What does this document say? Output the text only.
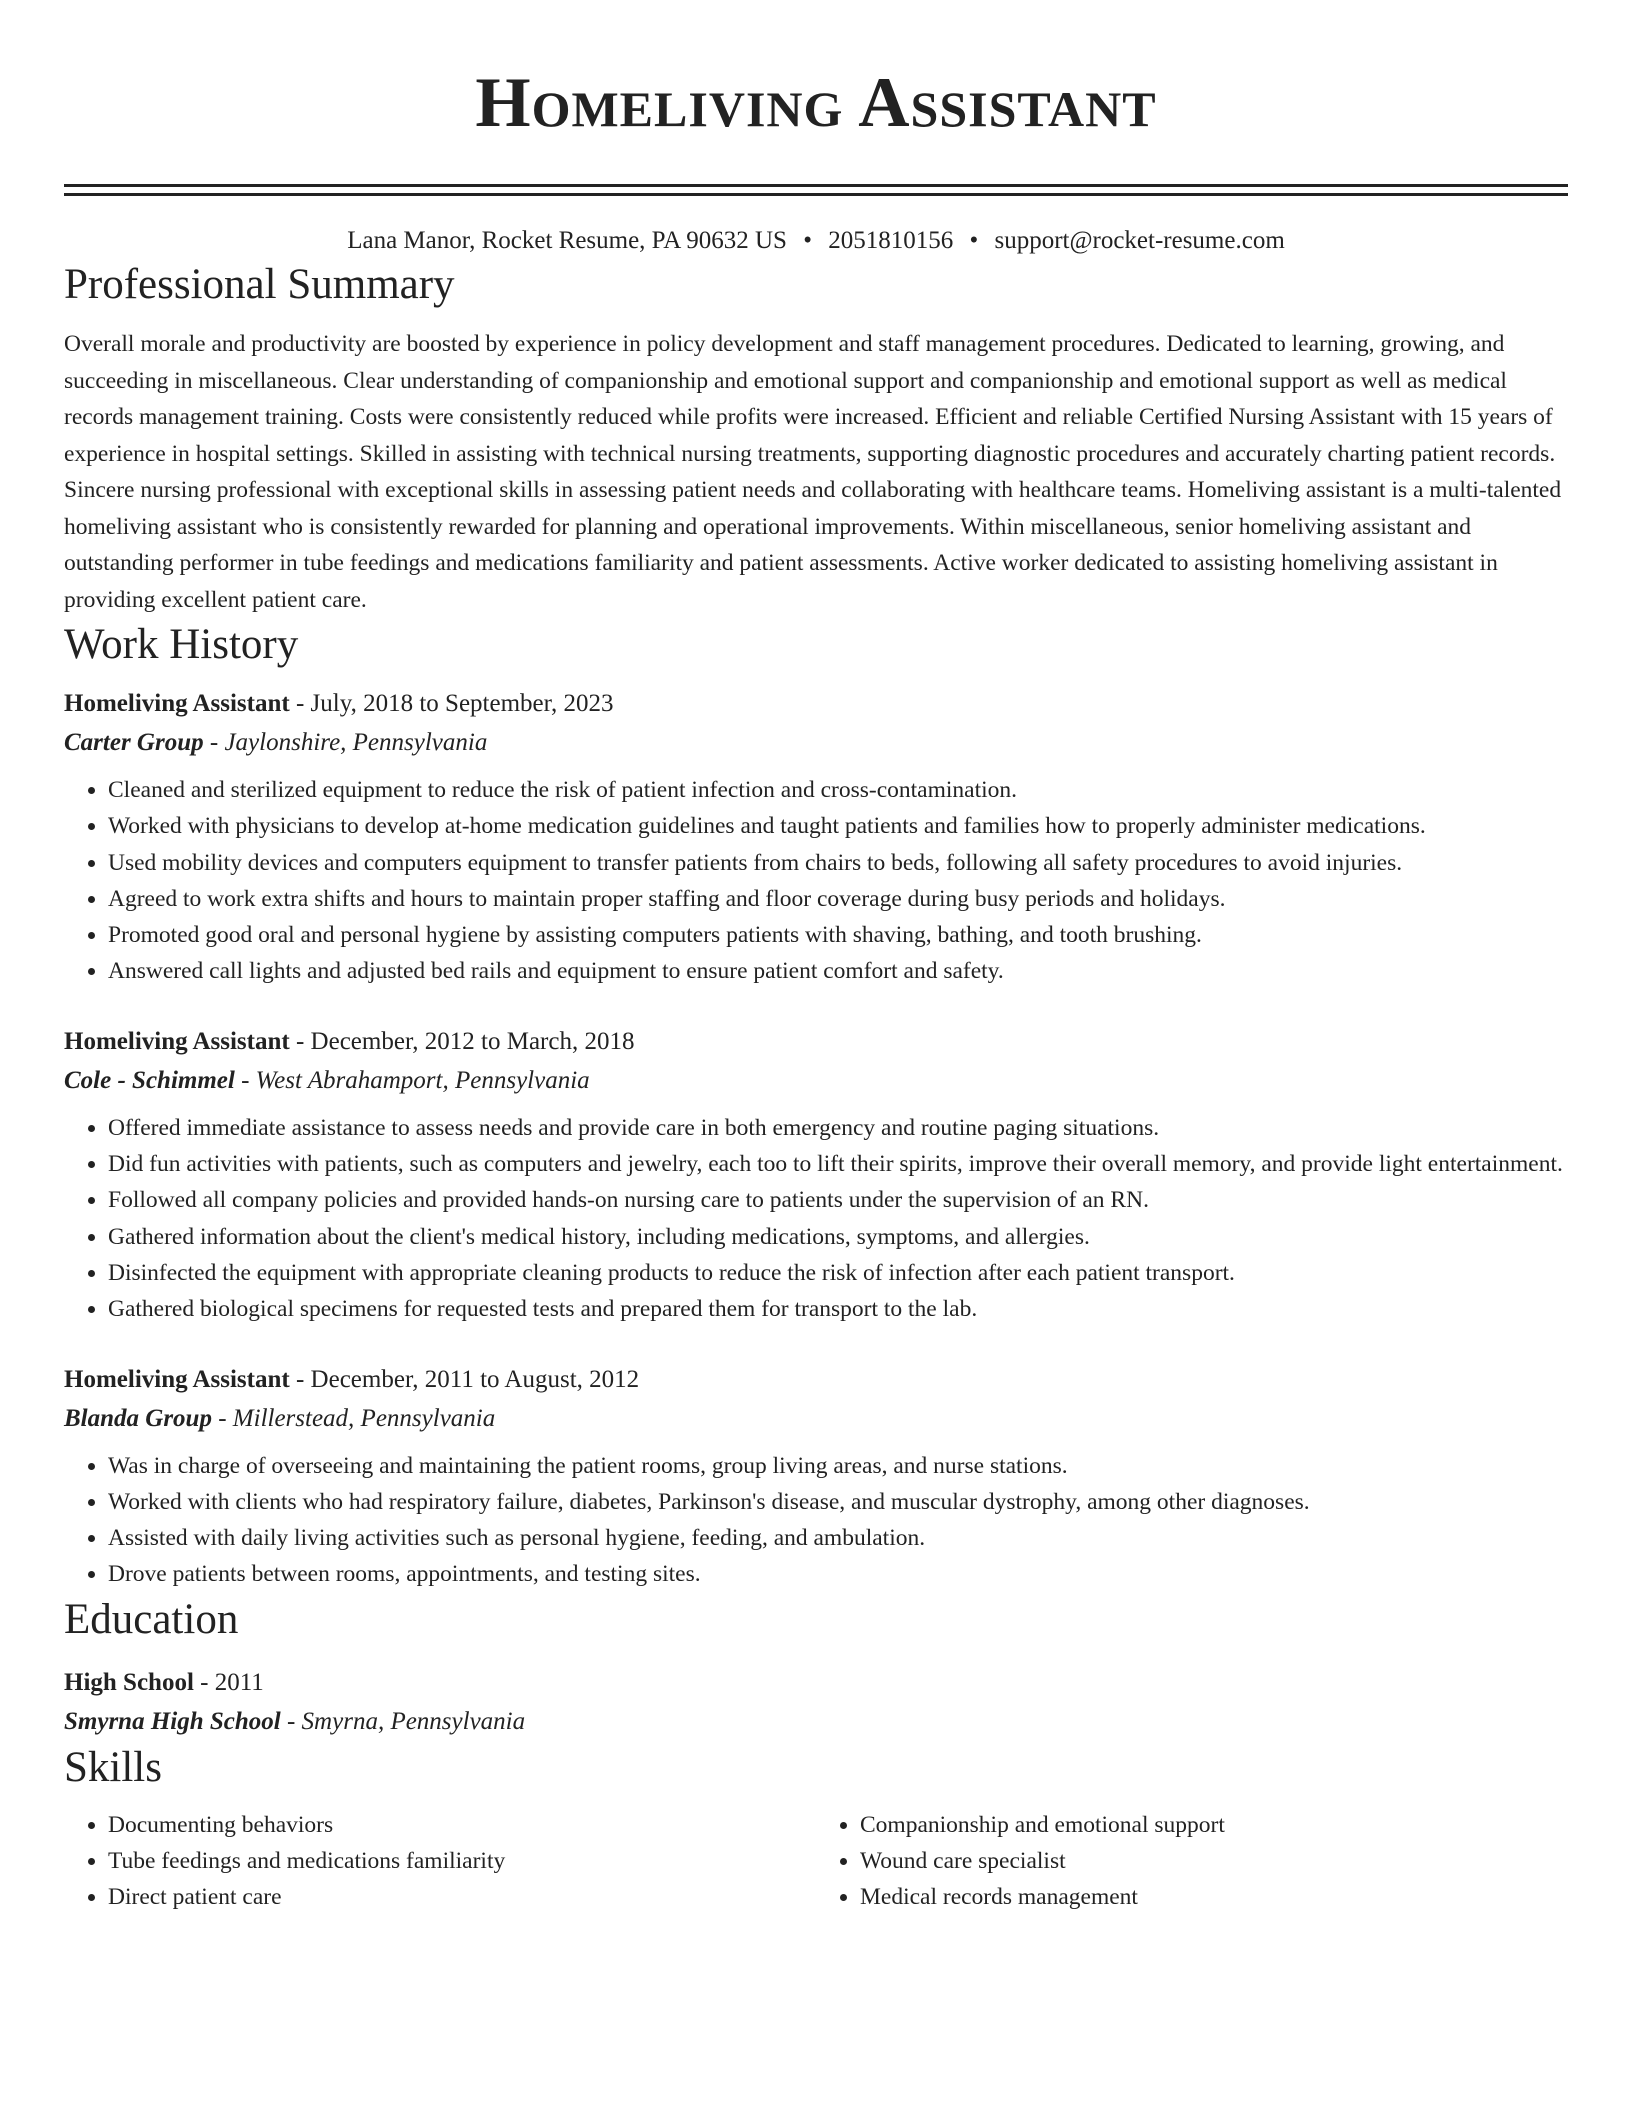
Homeliving Assistant
Lana Manor, Rocket Resume, PA 90632 US • 2051810156 • support@rocket-resume.com
Professional Summary

Overall morale and productivity are boosted by experience in policy development and staff management procedures. Dedicated to learning, growing, and succeeding in miscellaneous. Clear understanding of companionship and emotional support and companionship and emotional support as well as medical records management training. Costs were consistently reduced while profits were increased. Efficient and reliable Certified Nursing Assistant with 15 years of experience in hospital settings. Skilled in assisting with technical nursing treatments, supporting diagnostic procedures and accurately charting patient records. Sincere nursing professional with exceptional skills in assessing patient needs and collaborating with healthcare teams. Homeliving assistant is a multi-talented homeliving assistant who is consistently rewarded for planning and operational improvements. Within miscellaneous, senior homeliving assistant and outstanding performer in tube feedings and medications familiarity and patient assessments. Active worker dedicated to assisting homeliving assistant in providing excellent patient care.

Work History
Homeliving Assistant - July, 2018 to September, 2023
Carter Group - Jaylonshire, Pennsylvania
• Cleaned and sterilized equipment to reduce the risk of patient infection and cross-contamination.
• Worked with physicians to develop at-home medication guidelines and taught patients and families how to properly administer medications.
• Used mobility devices and computers equipment to transfer patients from chairs to beds, following all safety procedures to avoid injuries.
• Agreed to work extra shifts and hours to maintain proper staffing and floor coverage during busy periods and holidays.
• Promoted good oral and personal hygiene by assisting computers patients with shaving, bathing, and tooth brushing.
• Answered call lights and adjusted bed rails and equipment to ensure patient comfort and safety.
Homeliving Assistant - December, 2012 to March, 2018
Cole - Schimmel - West Abrahamport, Pennsylvania
• Offered immediate assistance to assess needs and provide care in both emergency and routine paging situations.
• Did fun activities with patients, such as computers and jewelry, each too to lift their spirits, improve their overall memory, and provide light entertainment.
• Followed all company policies and provided hands-on nursing care to patients under the supervision of an RN.
• Gathered information about the client's medical history, including medications, symptoms, and allergies.
• Disinfected the equipment with appropriate cleaning products to reduce the risk of infection after each patient transport.
• Gathered biological specimens for requested tests and prepared them for transport to the lab.
Homeliving Assistant - December, 2011 to August, 2012
Blanda Group - Millerstead, Pennsylvania
• Was in charge of overseeing and maintaining the patient rooms, group living areas, and nurse stations.
• Worked with clients who had respiratory failure, diabetes, Parkinson's disease, and muscular dystrophy, among other diagnoses.
• Assisted with daily living activities such as personal hygiene, feeding, and ambulation.
• Drove patients between rooms, appointments, and testing sites.
Education
High School - 2011
Smyrna High School - Smyrna, Pennsylvania
Skills
• Documenting behaviors
• Tube feedings and medications familiarity
• Direct patient care
• Companionship and emotional support
• Wound care specialist
• Medical records management
